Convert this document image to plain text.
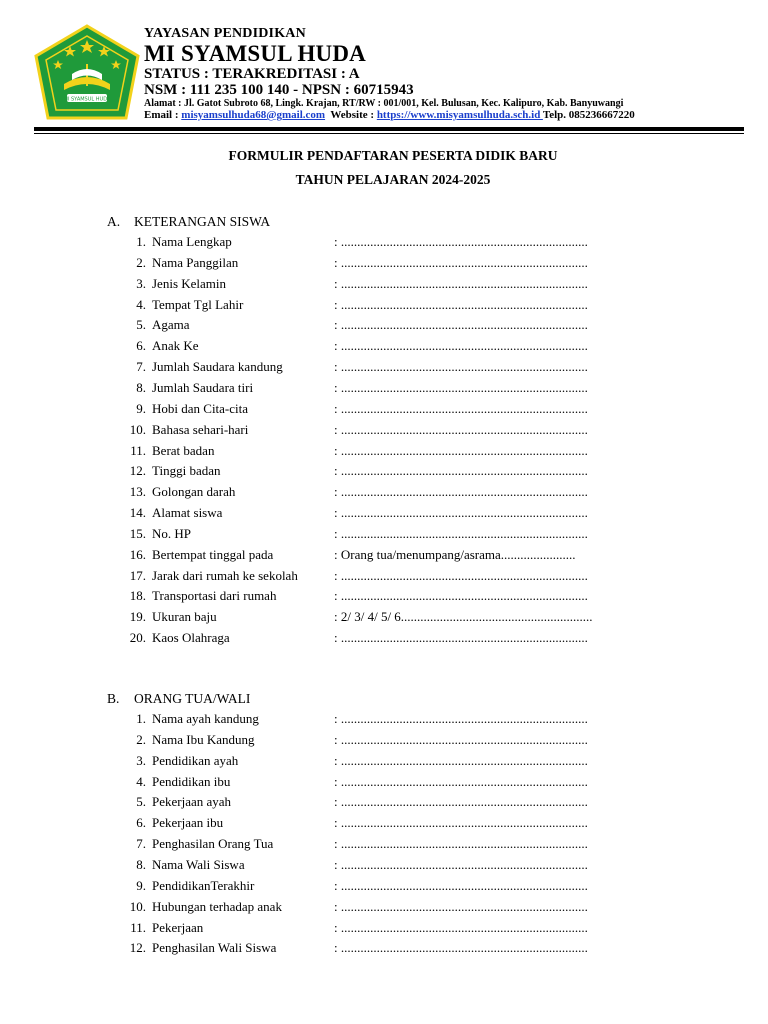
MI SYAMSUL HUDA
YAYASAN PENDIDIKAN
MI SYAMSUL HUDA
STATUS : TERAKREDITASI : A
NSM : 111 235 100 140 - NPSN : 60715943
Alamat : Jl. Gatot Subroto 68, Lingk. Krajan, RT/RW : 001/001, Kel. Bulusan, Kec. Kalipuro, Kab. Banyuwangi
Email : misyamsulhuda68@gmail.com  Website : https://www.misyamsulhuda.sch.id Telp. 085236667220
FORMULIR PENDAFTARAN PESERTA DIDIK BARU
TAHUN PELAJARAN 2024-2025
A. KETERANGAN SISWA
1. Nama Lengkap	: ............................................................................
2. Nama Panggilan	: ............................................................................
3. Jenis Kelamin	: ............................................................................
4. Tempat Tgl Lahir	: ............................................................................
5. Agama	: ............................................................................
6. Anak Ke	: ............................................................................
7. Jumlah Saudara kandung	: ............................................................................
8. Jumlah Saudara tiri	: ............................................................................
9. Hobi dan Cita-cita	: ............................................................................
10. Bahasa sehari-hari	: ............................................................................
11. Berat badan	: ............................................................................
12. Tinggi badan	: ............................................................................
13. Golongan darah	: ............................................................................
14. Alamat siswa	: ............................................................................
15. No. HP	: ............................................................................
16. Bertempat tinggal pada	: Orang tua/menumpang/asrama.......................
17. Jarak dari rumah ke sekolah	: ............................................................................
18. Transportasi dari rumah	: ............................................................................
19. Ukuran baju	: 2/ 3/ 4/ 5/ 6...........................................................
20. Kaos Olahraga	: ............................................................................
B. ORANG TUA/WALI
1. Nama ayah kandung	: ............................................................................
2. Nama Ibu Kandung	: ............................................................................
3. Pendidikan ayah	: ............................................................................
4. Pendidikan ibu	: ............................................................................
5. Pekerjaan ayah	: ............................................................................
6. Pekerjaan ibu	: ............................................................................
7. Penghasilan Orang Tua	: ............................................................................
8. Nama Wali Siswa	: ............................................................................
9. PendidikanTerakhir	: ............................................................................
10. Hubungan terhadap anak	: ............................................................................
11. Pekerjaan	: ............................................................................
12. Penghasilan Wali Siswa	: ............................................................................
